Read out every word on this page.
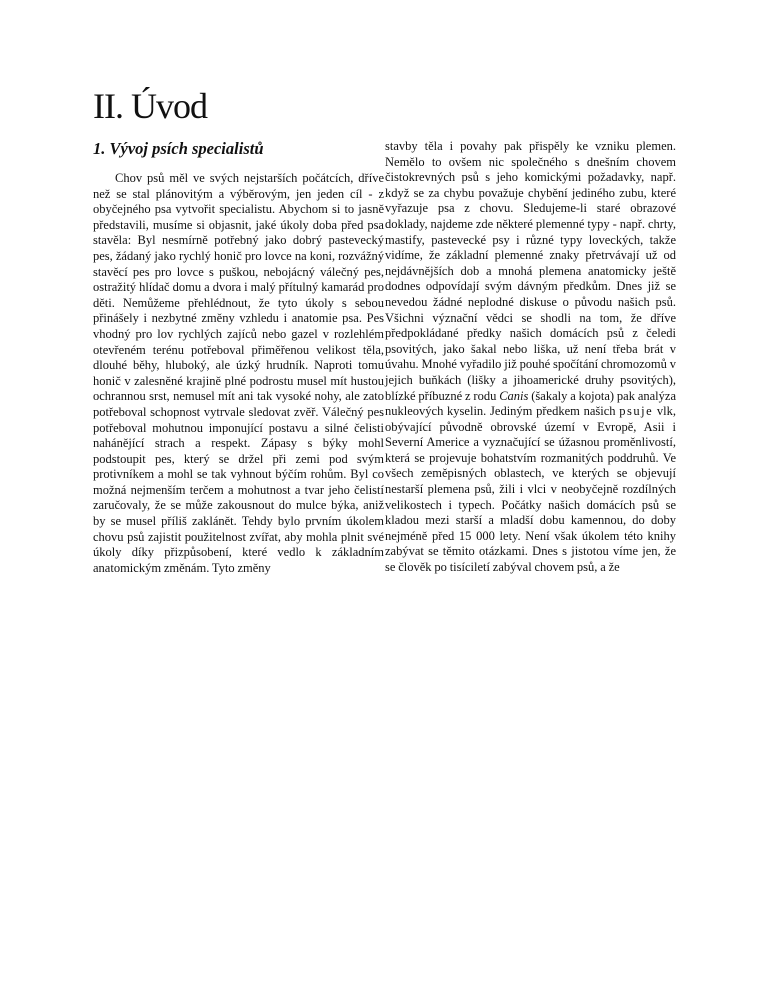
II. Úvod
1. Vývoj psích specialistů

Chov psů měl ve svých nejstarších počátcích, dříve než se stal plánovitým a výběrovým, jen jeden cíl - z obyčejného psa vytvořit specialistu. Abychom si to jasně představili, musíme si objasnit, jaké úkoly doba před psa stavěla: Byl nesmírně potřebný jako dobrý pastevecký pes, žádaný jako rychlý honič pro lovce na koni, rozvážný stavěcí pes pro lovce s puškou, nebojácný válečný pes, ostražitý hlídač domu a dvora i malý přítulný kamarád pro děti. Nemůžeme přehlédnout, že tyto úkoly s sebou přinášely i nezbytné změny vzhledu i anatomie psa. Pes vhodný pro lov rychlých zajíců nebo gazel v rozlehlém otevřeném terénu potřeboval přiměřenou velikost těla, dlouhé běhy, hluboký, ale úzký hrudník. Naproti tomu honič v zalesněné krajině plné podrostu musel mít hustou ochrannou srst, nemusel mít ani tak vysoké nohy, ale zato potřeboval schopnost vytrvale sledovat zvěř. Válečný pes potřeboval mohutnou imponující postavu a silné čelisti nahánějící strach a respekt. Zápasy s býky mohl podstoupit pes, který se držel při zemi pod svým protivníkem a mohl se tak vyhnout býčím rohům. Byl co možná nejmenším terčem a mohutnost a tvar jeho čelistí zaručovaly, že se může zakousnout do mulce býka, aniž by se musel příliš zaklánět. Tehdy bylo prvním úkolem chovu psů zajistit použitelnost zvířat, aby mohla plnit své úkoly díky přizpůsobení, které vedlo k základním anatomickým změnám. Tyto změny

stavby těla i povahy pak přispěly ke vzniku plemen. Nemělo to ovšem nic společného s dnešním chovem čistokrevných psů s jeho komickými požadavky, např. když se za chybu považuje chybění jediného zubu, které vyřazuje psa z chovu. Sledujeme-li staré obrazové doklady, najdeme zde některé plemenné typy - např. chrty, mastify, pastevecké psy i různé typy loveckých, takže vidíme, že základní plemenné znaky přetrvávají už od nejdávnějších dob a mnohá plemena anatomicky ještě dodnes odpovídají svým dávným předkům. Dnes již se nevedou žádné neplodné diskuse o původu našich psů. Všichni význační vědci se shodli na tom, že dříve předpokládané předky našich domácích psů z čeledi psovitých, jako šakal nebo liška, už není třeba brát v úvahu. Mnohé vyřadilo již pouhé spočítání chromozomů v jejich buňkách (lišky a jihoamerické druhy psovitých), blízké příbuzné z rodu Canis (šakaly a kojota) pak analýza nukleových kyselin. Jediným předkem našich psuje vlk, obývající původně obrovské území v Evropě, Asii i Severní Americe a vyznačující se úžasnou proměnlivostí, která se projevuje bohatstvím rozmanitých poddruhů. Ve všech zeměpisných oblastech, ve kterých se objevují nestarší plemena psů, žili i vlci v neobyčejně rozdílných velikostech i typech. Počátky našich domácích psů se kladou mezi starší a mladší dobu kamennou, do doby nejméně před 15 000 lety. Není však úkolem této knihy zabývat se těmito otázkami. Dnes s jistotou víme jen, že se člověk po tisíciletí zabýval chovem psů, a že
